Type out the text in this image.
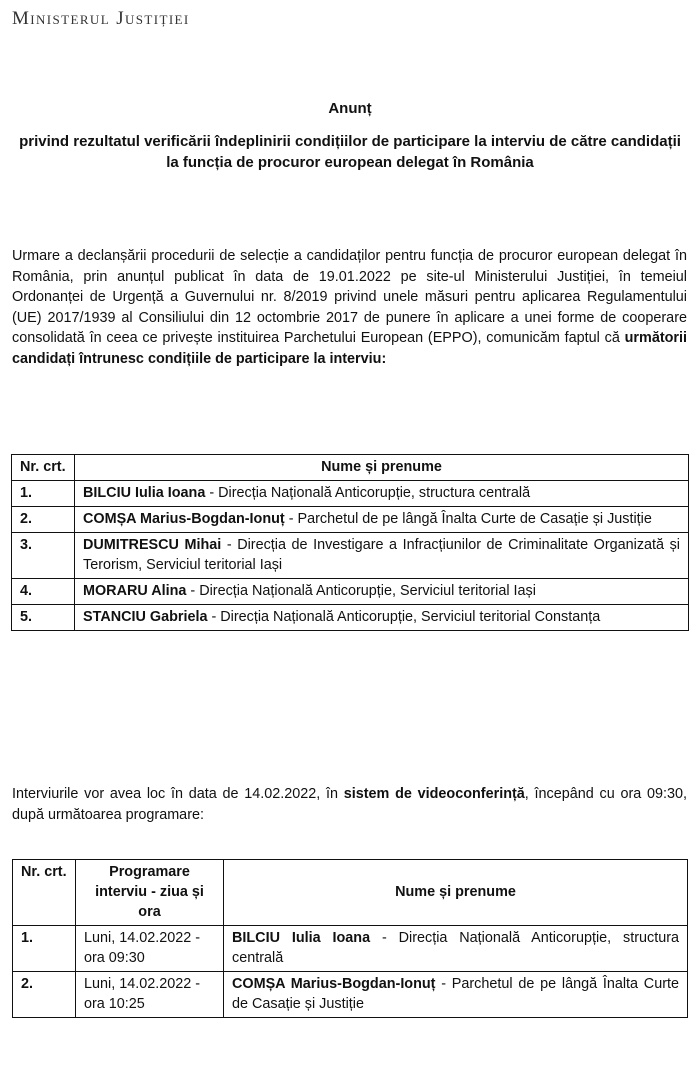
Ministerul Justiției
Anunț
privind rezultatul verificării îndeplinirii condițiilor de participare la interviu de către candidații la funcția de procuror european delegat în România
Urmare a declanșării procedurii de selecție a candidaților pentru funcția de procuror european delegat în România, prin anunțul publicat în data de 19.01.2022 pe site-ul Ministerului Justiției, în temeiul Ordonanței de Urgență a Guvernului nr. 8/2019 privind unele măsuri pentru aplicarea Regulamentului (UE) 2017/1939 al Consiliului din 12 octombrie 2017 de punere în aplicare a unei forme de cooperare consolidată în ceea ce privește instituirea Parchetului European (EPPO), comunicăm faptul că următorii candidați întrunesc condițiile de participare la interviu:
Nr. crt.	Nume și prenume
1.	BILCIU Iulia Ioana - Direcția Națională Anticorupție, structura centrală
2.	COMȘA Marius-Bogdan-Ionuț - Parchetul de pe lângă Înalta Curte de Casație și Justiție
3.	DUMITRESCU Mihai - Direcția de Investigare a Infracțiunilor de Criminalitate Organizată și Terorism, Serviciul teritorial Iași
4.	MORARU Alina - Direcția Națională Anticorupție, Serviciul teritorial Iași
5.	STANCIU Gabriela - Direcția Națională Anticorupție, Serviciul teritorial Constanța
Interviurile vor avea loc în data de 14.02.2022, în sistem de videoconferință, începând cu ora 09:30, după următoarea programare:
Nr. crt.	Programare interviu - ziua și ora	Nume și prenume
1.	Luni, 14.02.2022 - ora 09:30	BILCIU Iulia Ioana - Direcția Națională Anticorupție, structura centrală
2.	Luni, 14.02.2022 - ora 10:25	COMȘA Marius-Bogdan-Ionuț - Parchetul de pe lângă Înalta Curte de Casație și Justiție
